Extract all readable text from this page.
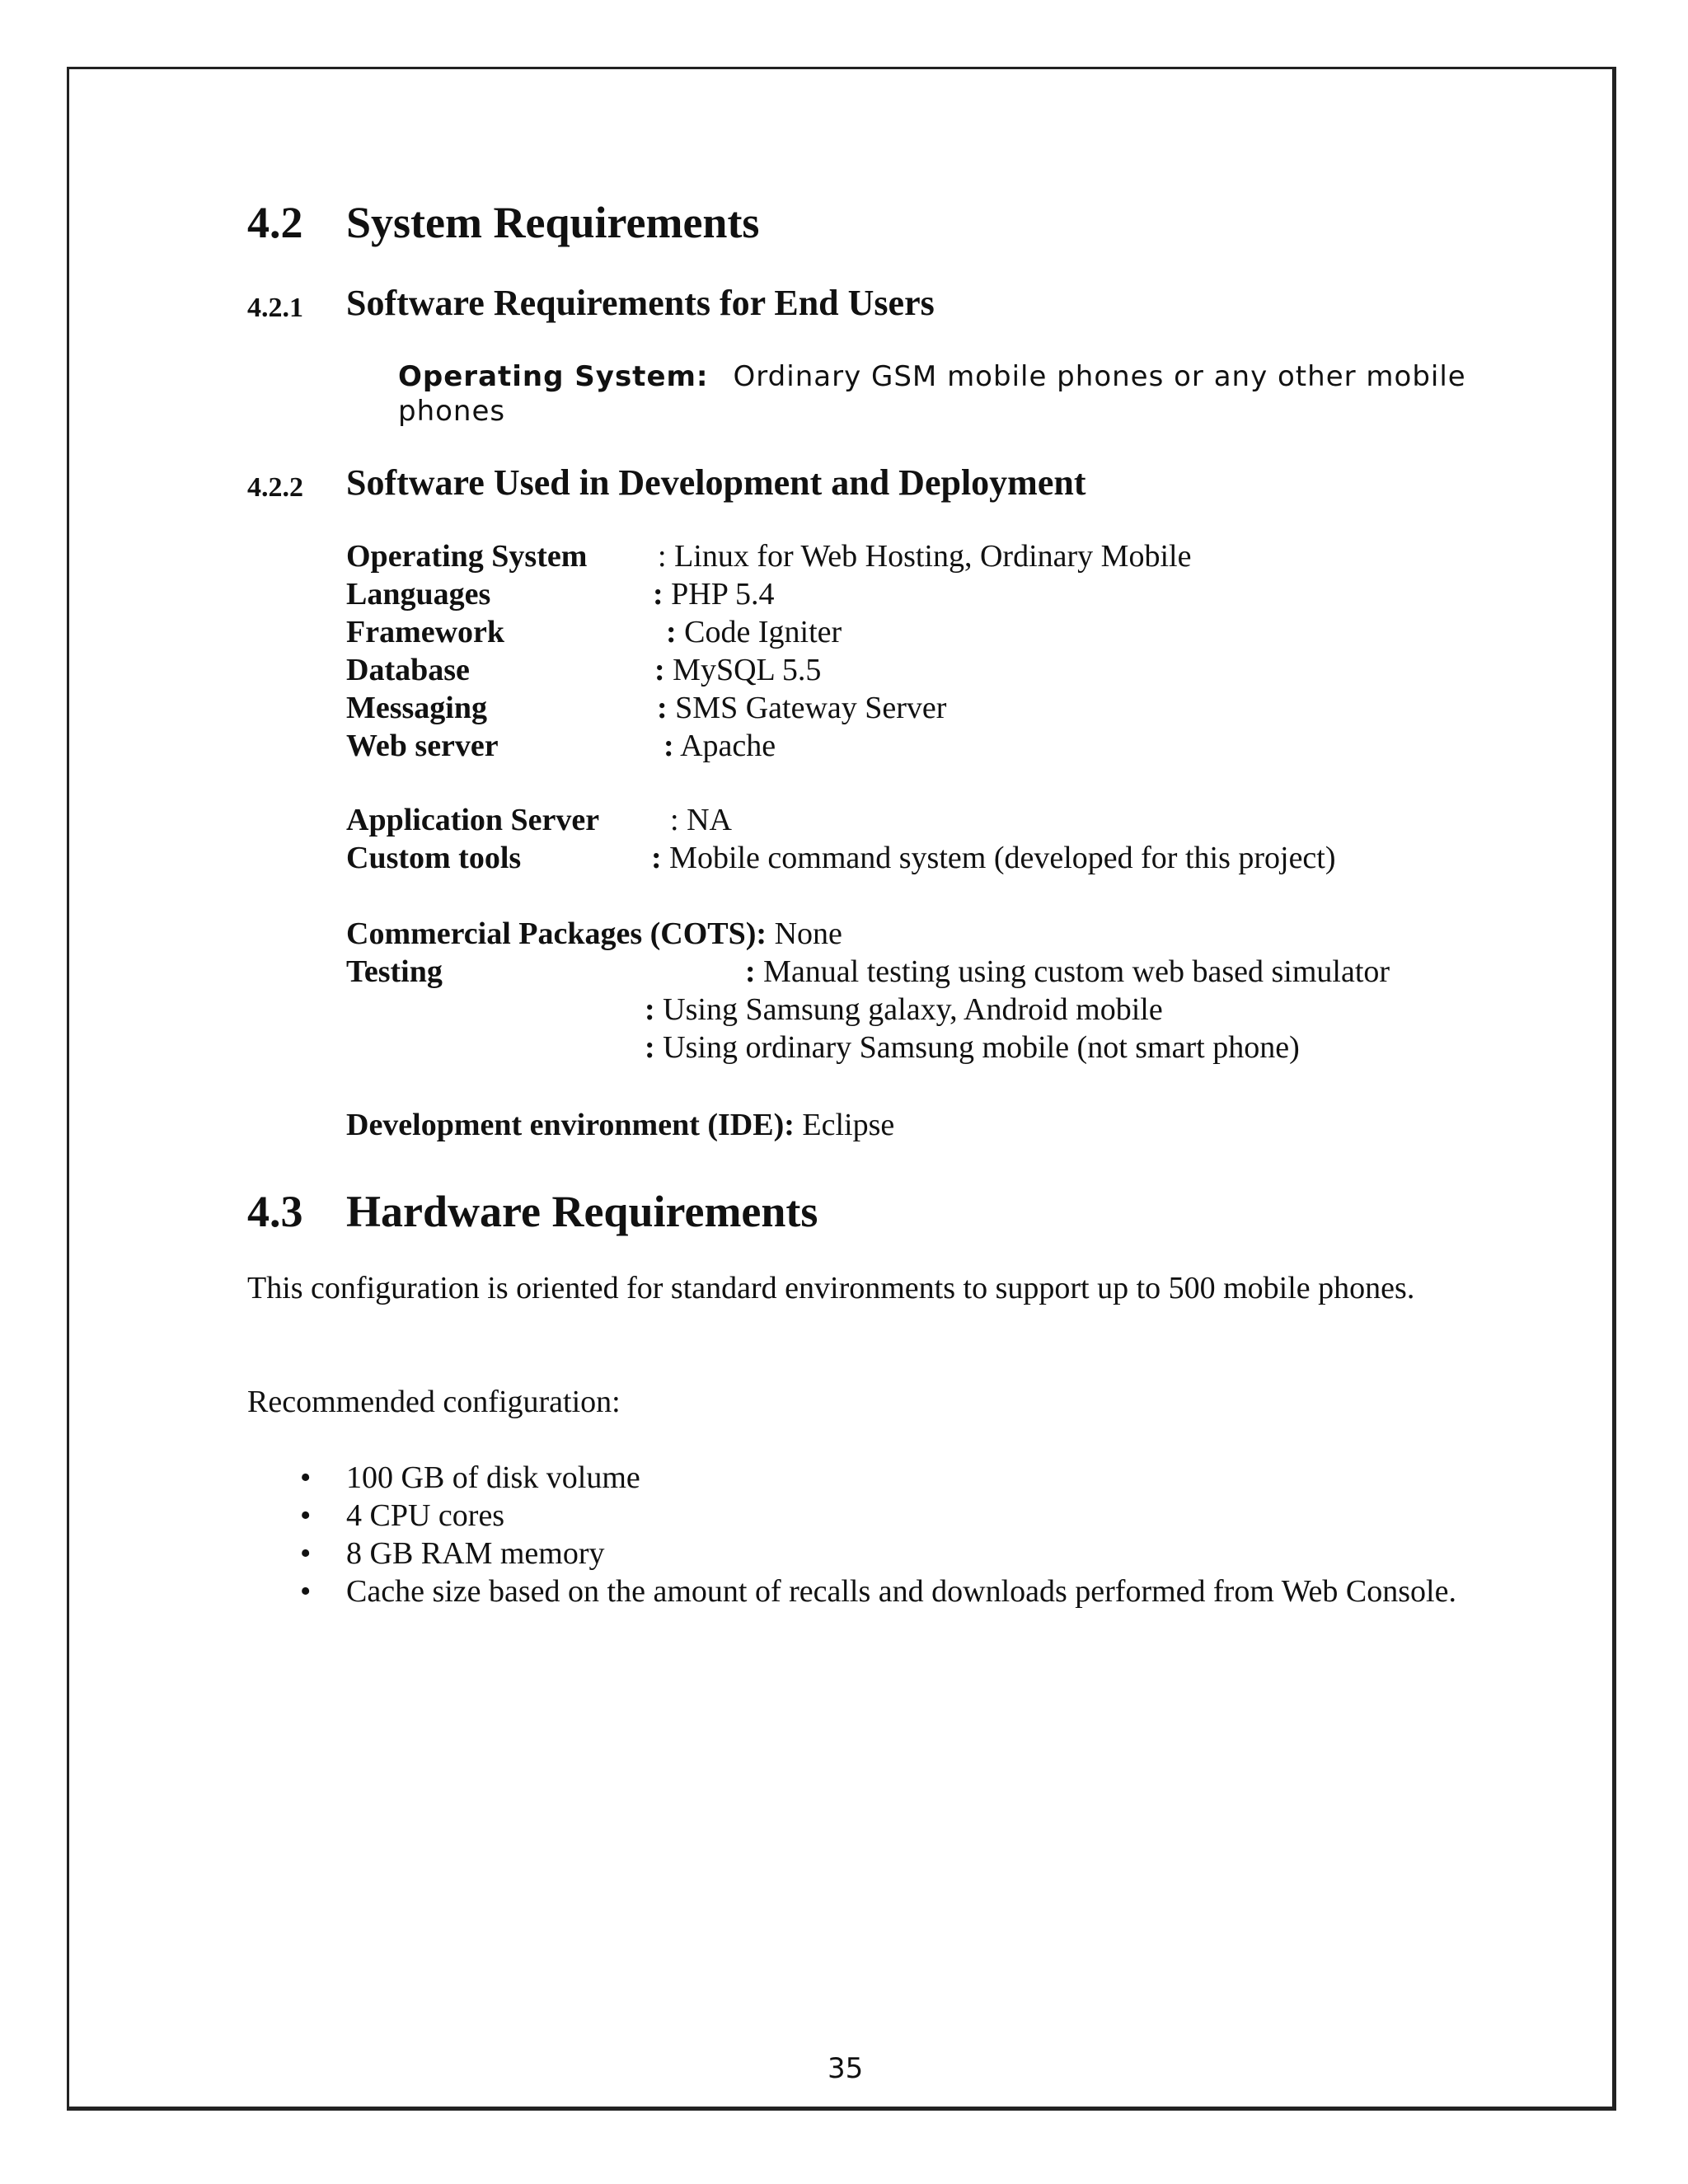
4.2 System Requirements
4.2.1 Software Requirements for End Users
Operating System: Ordinary GSM mobile phones or any other mobile
phones
4.2.2 Software Used in Development and Deployment
Operating System : Linux for Web Hosting, Ordinary Mobile
Languages	: PHP 5.4
Framework	: Code Igniter
Database	: MySQL 5.5
Messaging	: SMS Gateway Server
Web server	: Apache
Application Server : NA
Custom tools	: Mobile command system (developed for this project)
Commercial Packages (COTS): None
Testing	: Manual testing using custom web based simulator
: Using Samsung galaxy, Android mobile
: Using ordinary Samsung mobile (not smart phone)
Development environment (IDE): Eclipse
4.3 Hardware Requirements
This configuration is oriented for standard environments to support up to 500 mobile phones.
Recommended configuration:
• 100 GB of disk volume
• 4 CPU cores
• 8 GB RAM memory
• Cache size based on the amount of recalls and downloads performed from Web Console.
35
